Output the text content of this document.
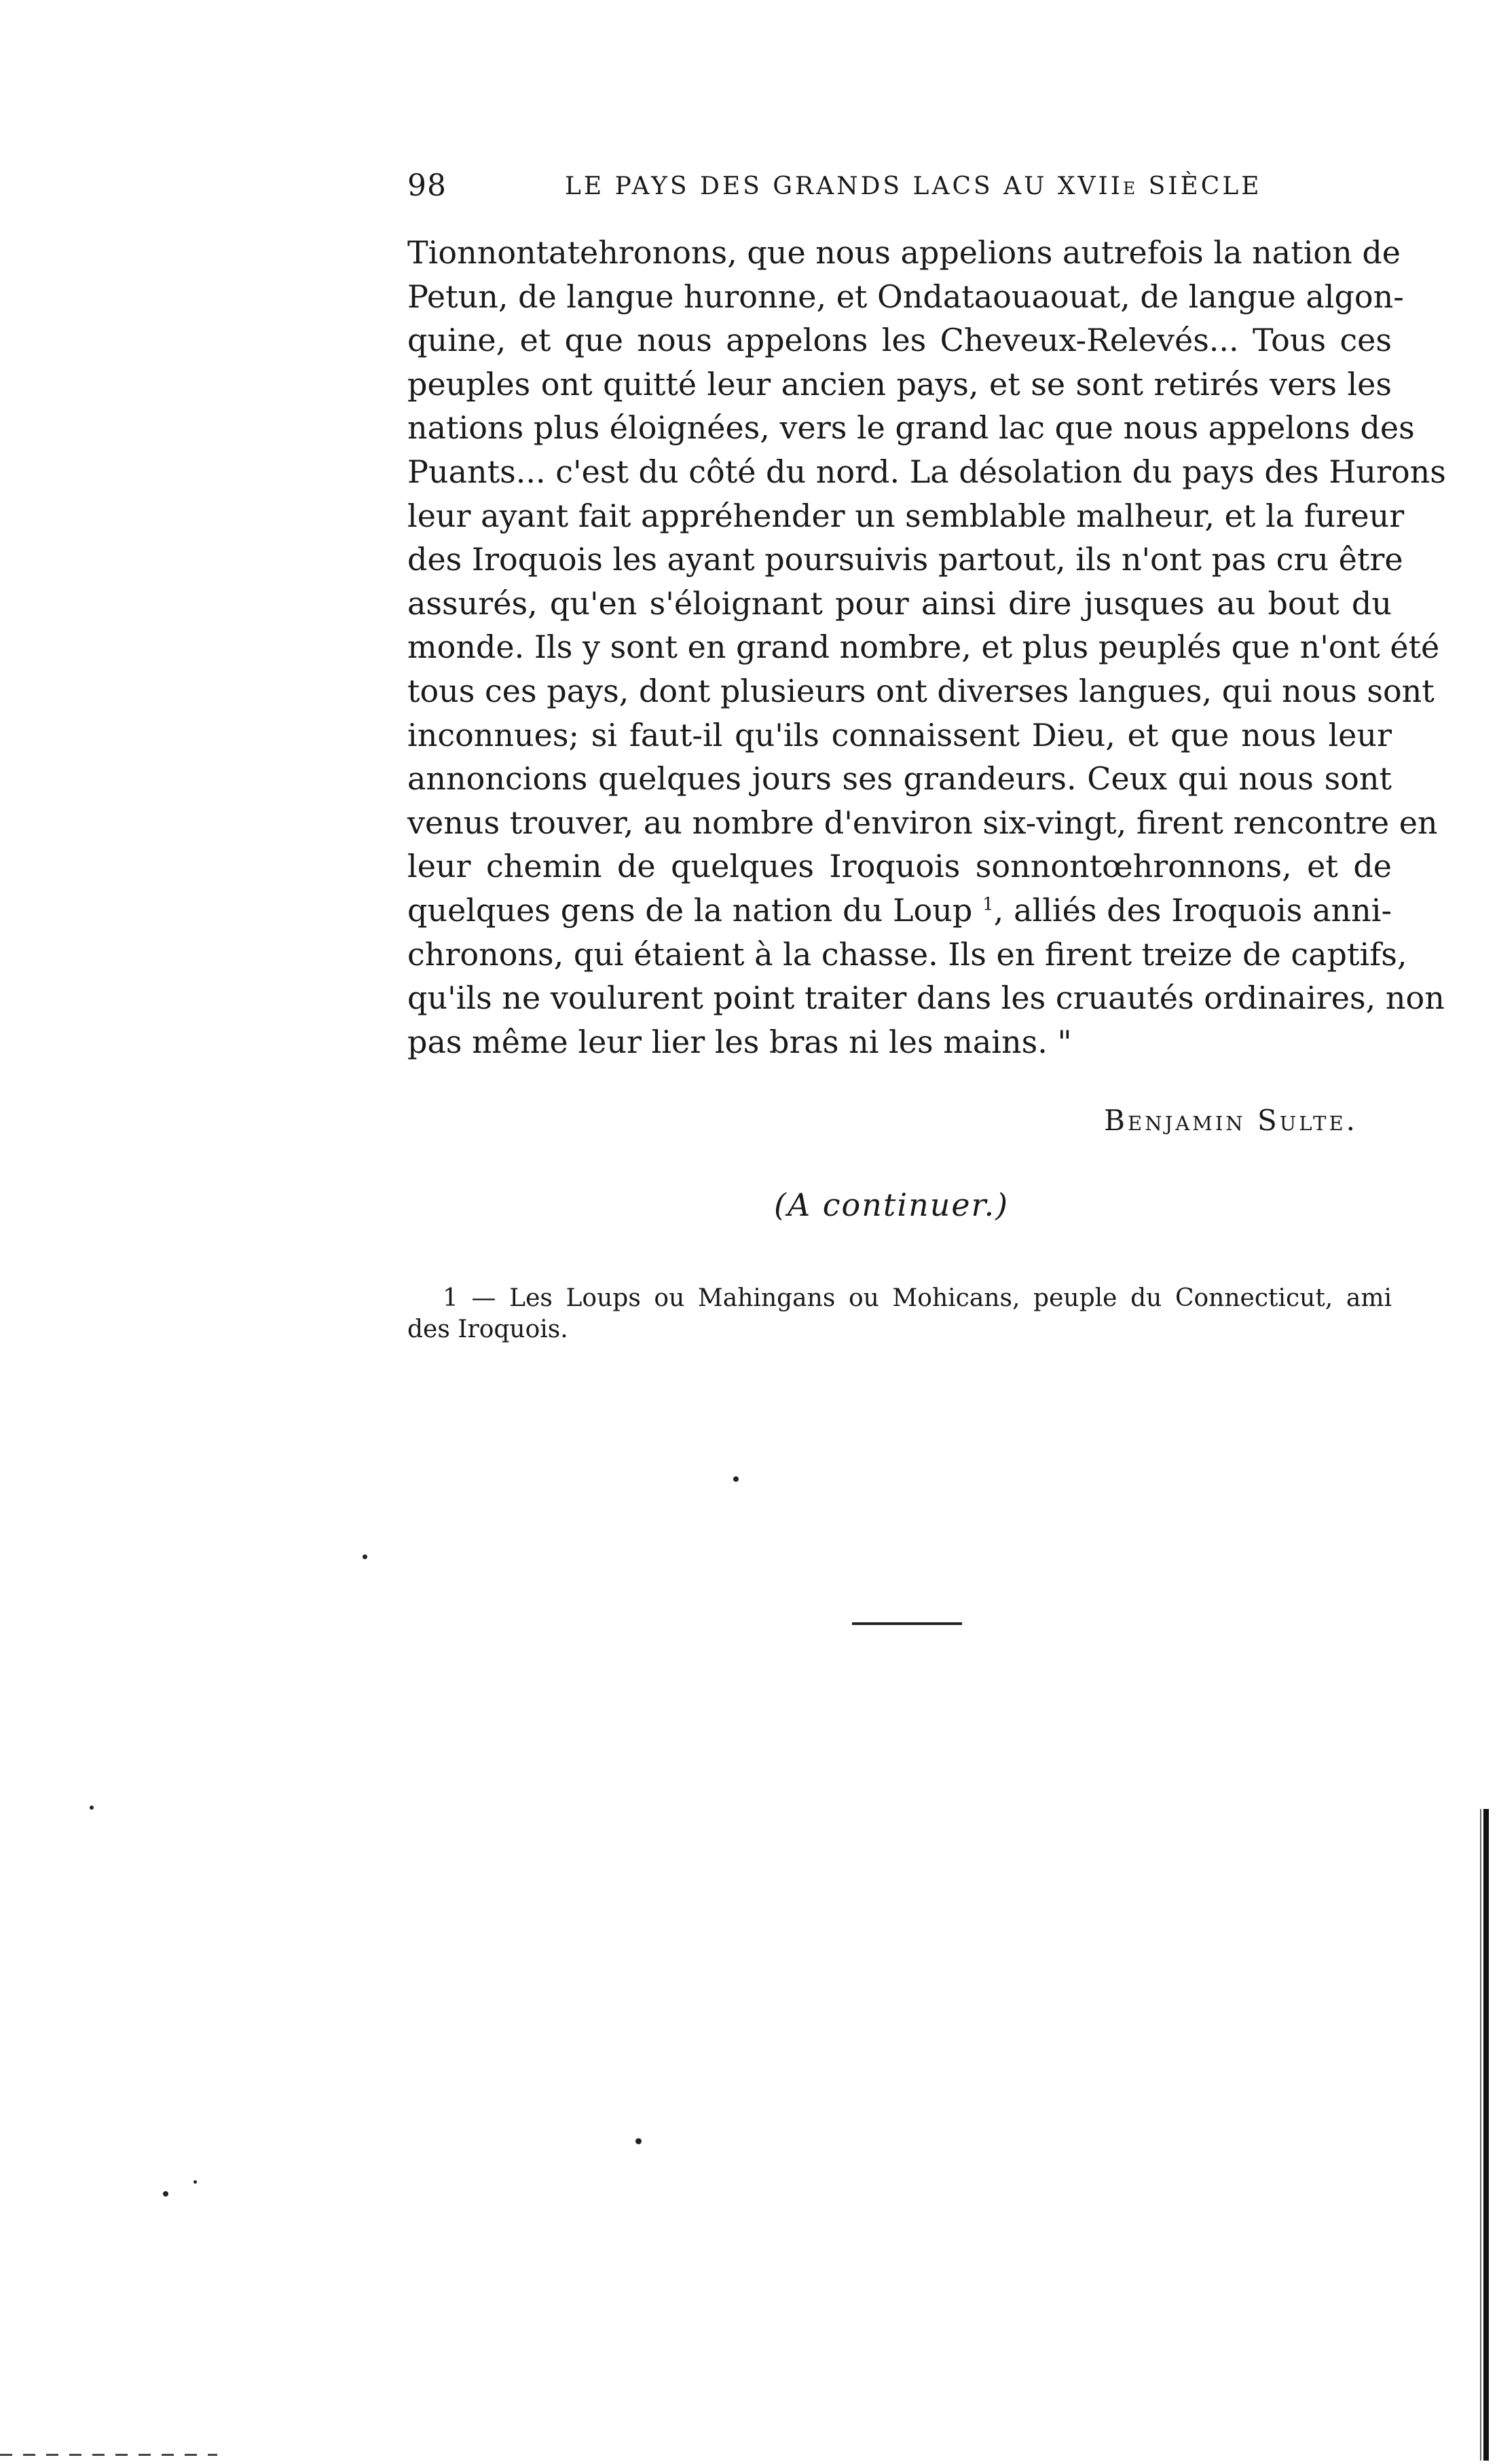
98	LE PAYS DES GRANDS LACS AU XVIIe SIÈCLE
Tionnontatehronons, que nous appelions autrefois la nation de
Petun, de langue huronne, et Ondataouaouat, de langue algon-
quine, et que nous appelons les Cheveux-Relevés... Tous ces
peuples ont quitté leur ancien pays, et se sont retirés vers les
nations plus éloignées, vers le grand lac que nous appelons des
Puants... c'est du côté du nord. La désolation du pays des Hurons
leur ayant fait appréhender un semblable malheur, et la fureur
des Iroquois les ayant poursuivis partout, ils n'ont pas cru être
assurés, qu'en s'éloignant pour ainsi dire jusques au bout du
monde. Ils y sont en grand nombre, et plus peuplés que n'ont été
tous ces pays, dont plusieurs ont diverses langues, qui nous sont
inconnues; si faut-il qu'ils connaissent Dieu, et que nous leur
annoncions quelques jours ses grandeurs. Ceux qui nous sont
venus trouver, au nombre d'environ six-vingt, firent rencontre en
leur chemin de quelques Iroquois sonnontœhronnons, et de
quelques gens de la nation du Loup $^1$, alliés des Iroquois anni-
chronons, qui étaient à la chasse. Ils en firent treize de captifs,
qu'ils ne voulurent point traiter dans les cruautés ordinaires, non
pas même leur lier les bras ni les mains. "
Benjamin Sulte.
(A continuer.)
1 — Les Loups ou Mahingans ou Mohicans, peuple du Connecticut, ami
des Iroquois.
